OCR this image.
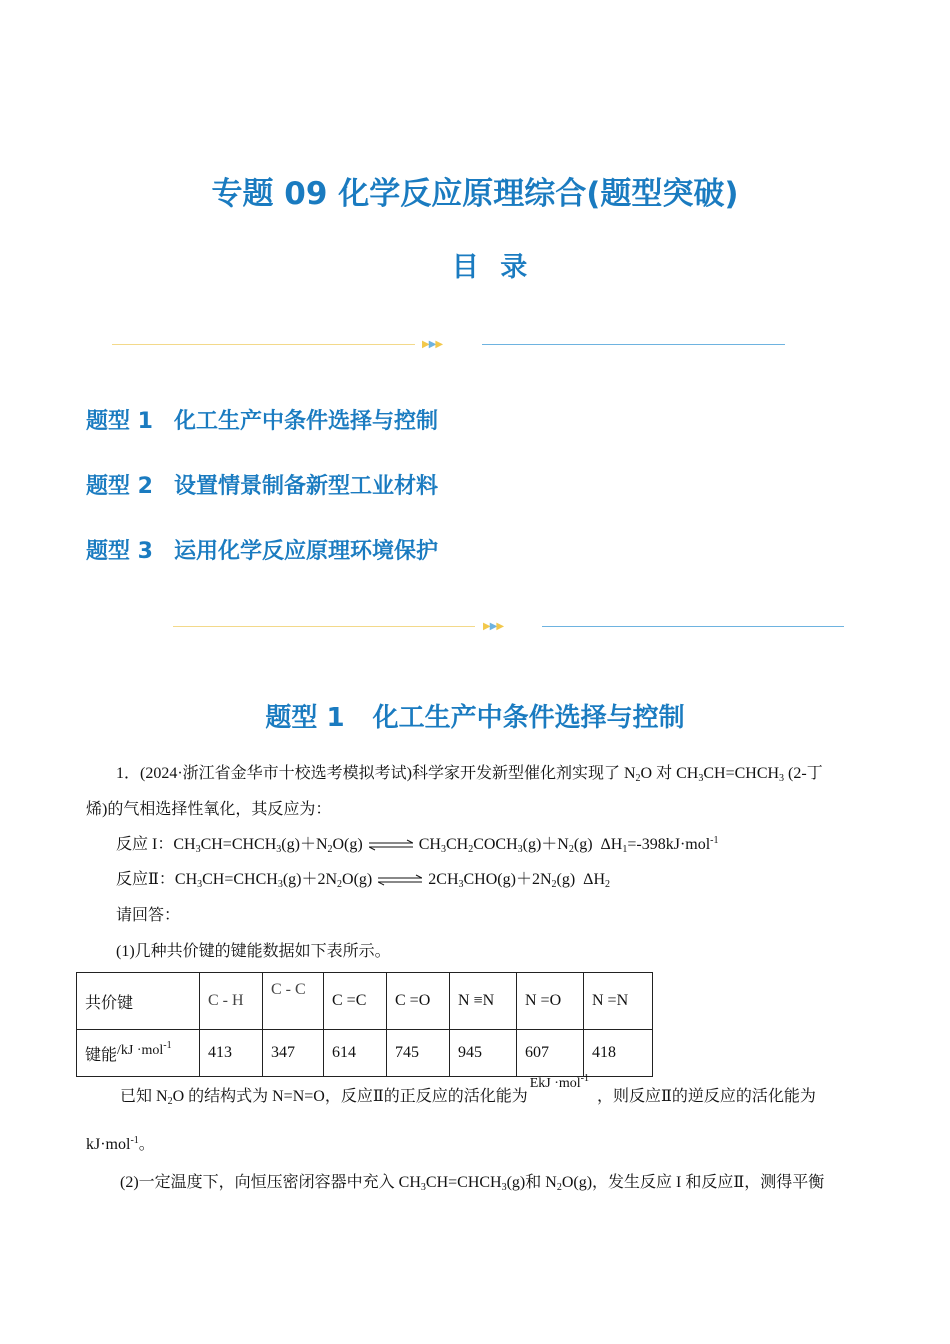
专题 09 化学反应原理综合(题型突破)
目 录
▶▶▶
题型 1 化工生产中条件选择与控制
题型 2 设置情景制备新型工业材料
题型 3 运用化学反应原理环境保护
▶▶▶
题型 1 化工生产中条件选择与控制
1．(2024·浙江省金华市十校选考模拟考试)科学家开发新型催化剂实现了 $N_2O$ 对 $CH_3CH=CHCH_3$ (2-丁
烯)的气相选择性氧化，其反应为：
反应 I：$CH_3CH=CHCH_3(g)+N_2O(g)$ ⇌ $CH_3CH_2COCH_3(g)+N_2(g)$  $\Delta H_1=-398kJ\cdot mol^{-1}$
反应Ⅱ：$CH_3CH=CHCH_3(g)+2N_2O(g)$ ⇌ $2CH_3CHO(g)+2N_2(g)$  $\Delta H_2$
请回答：
(1)几种共价键的键能数据如下表所示。
共价键	C - H	C - C	C =C	C =O	N ≡N	N =O	N =N
键能/kJ ·mol$^{-1}$	413	347	614	745	945	607	418
已知 $N_2O$ 的结构式为 N=N=O，反应Ⅱ的正反应的活化能为EkJ ·mol$^{-1}$，则反应Ⅱ的逆反应的活化能为
kJ·mol$^{-1}$。
(2)一定温度下，向恒压密闭容器中充入 $CH_3CH=CHCH_3(g)$和 $N_2O(g)$，发生反应 I 和反应Ⅱ，测得平衡
